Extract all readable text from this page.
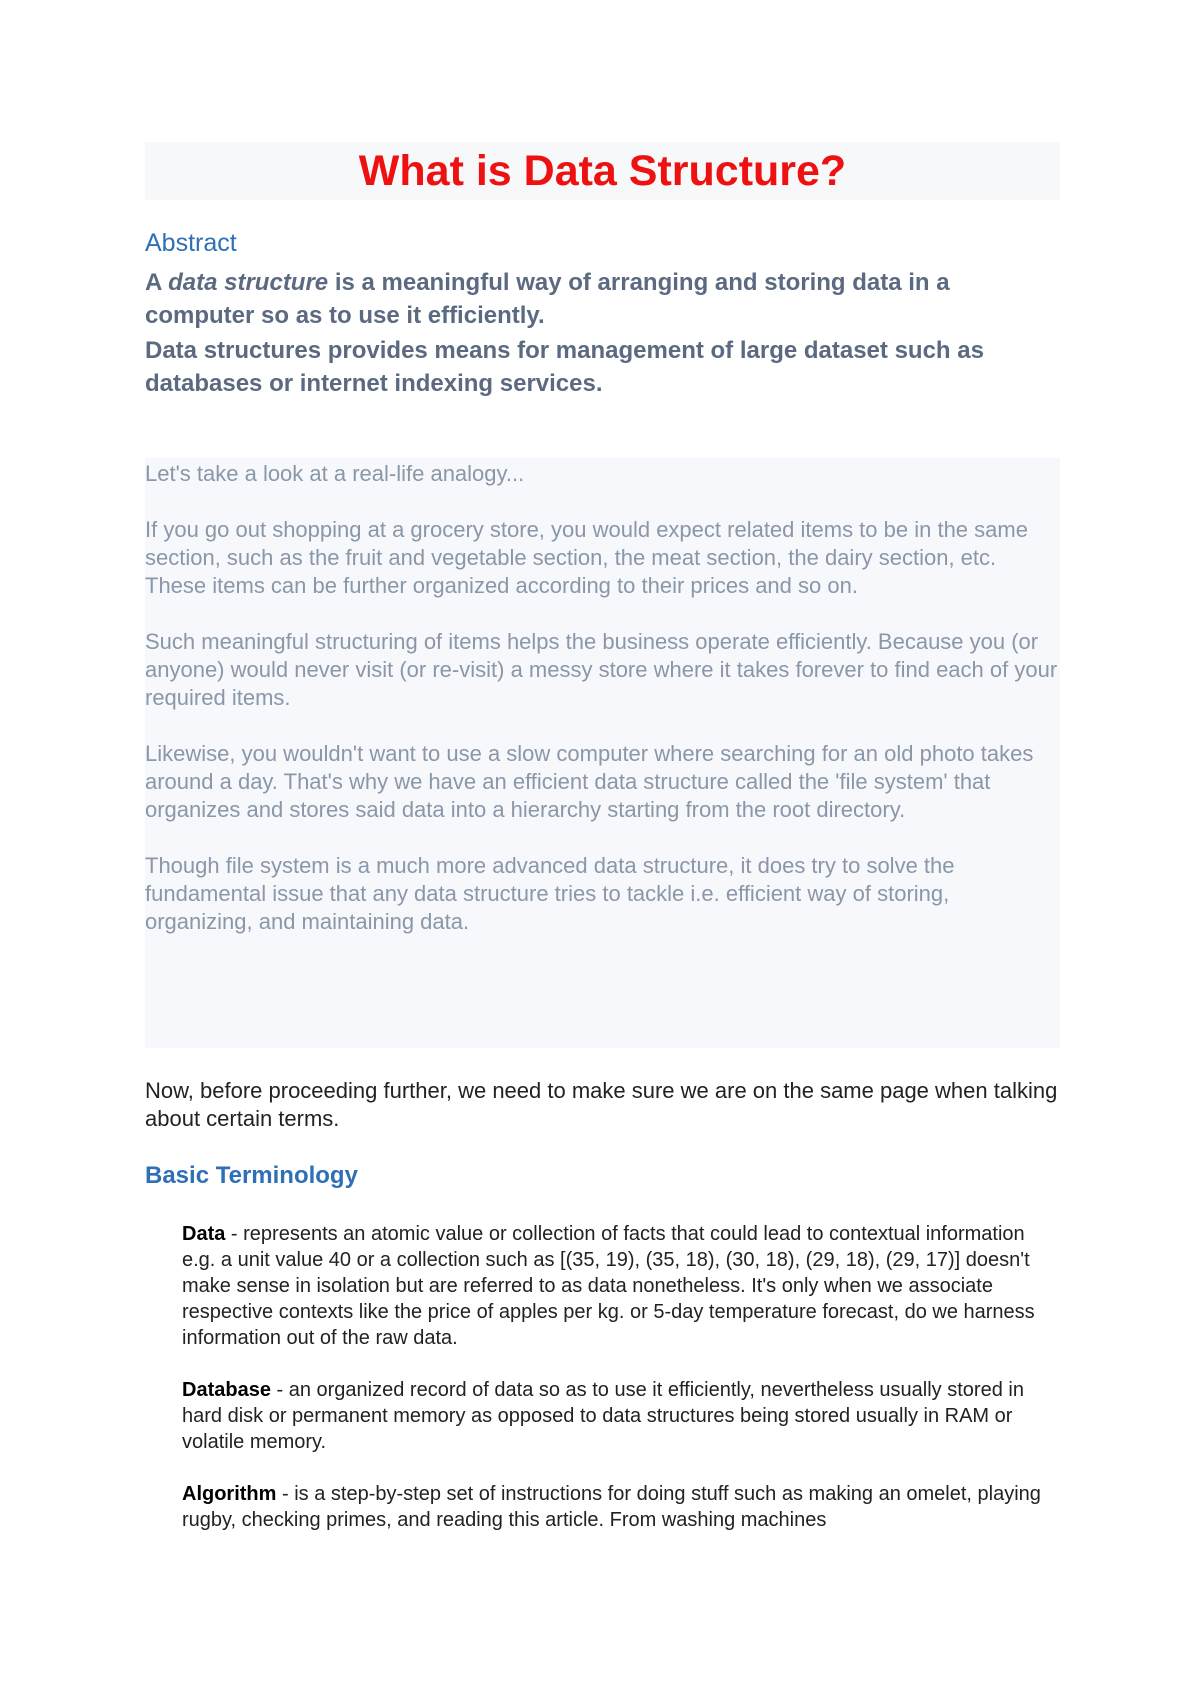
What is Data Structure?
Abstract

A data structure is a meaningful way of arranging and storing data in a computer so as to use it efficiently.

Data structures provides means for management of large dataset such as databases or internet indexing services.

Let's take a look at a real-life analogy...

If you go out shopping at a grocery store, you would expect related items to be in the same section, such as the fruit and vegetable section, the meat section, the dairy section, etc. These items can be further organized according to their prices and so on.

Such meaningful structuring of items helps the business operate efficiently. Because you (or anyone) would never visit (or re-visit) a messy store where it takes forever to find each of your required items.

Likewise, you wouldn't want to use a slow computer where searching for an old photo takes around a day. That's why we have an efficient data structure called the 'file system' that organizes and stores said data into a hierarchy starting from the root directory.

Though file system is a much more advanced data structure, it does try to solve the fundamental issue that any data structure tries to tackle i.e. efficient way of storing, organizing, and maintaining data.

Now, before proceeding further, we need to make sure we are on the same page when talking about certain terms.

Basic Terminology

Data - represents an atomic value or collection of facts that could lead to contextual information e.g. a unit value 40 or a collection such as [(35, 19), (35, 18), (30, 18), (29, 18), (29, 17)] doesn't make sense in isolation but are referred to as data nonetheless. It's only when we associate respective contexts like the price of apples per kg. or 5-day temperature forecast, do we harness information out of the raw data.

Database - an organized record of data so as to use it efficiently, nevertheless usually stored in hard disk or permanent memory as opposed to data structures being stored usually in RAM or volatile memory.

Algorithm - is a step-by-step set of instructions for doing stuff such as making an omelet, playing rugby, checking primes, and reading this article. From washing machines
